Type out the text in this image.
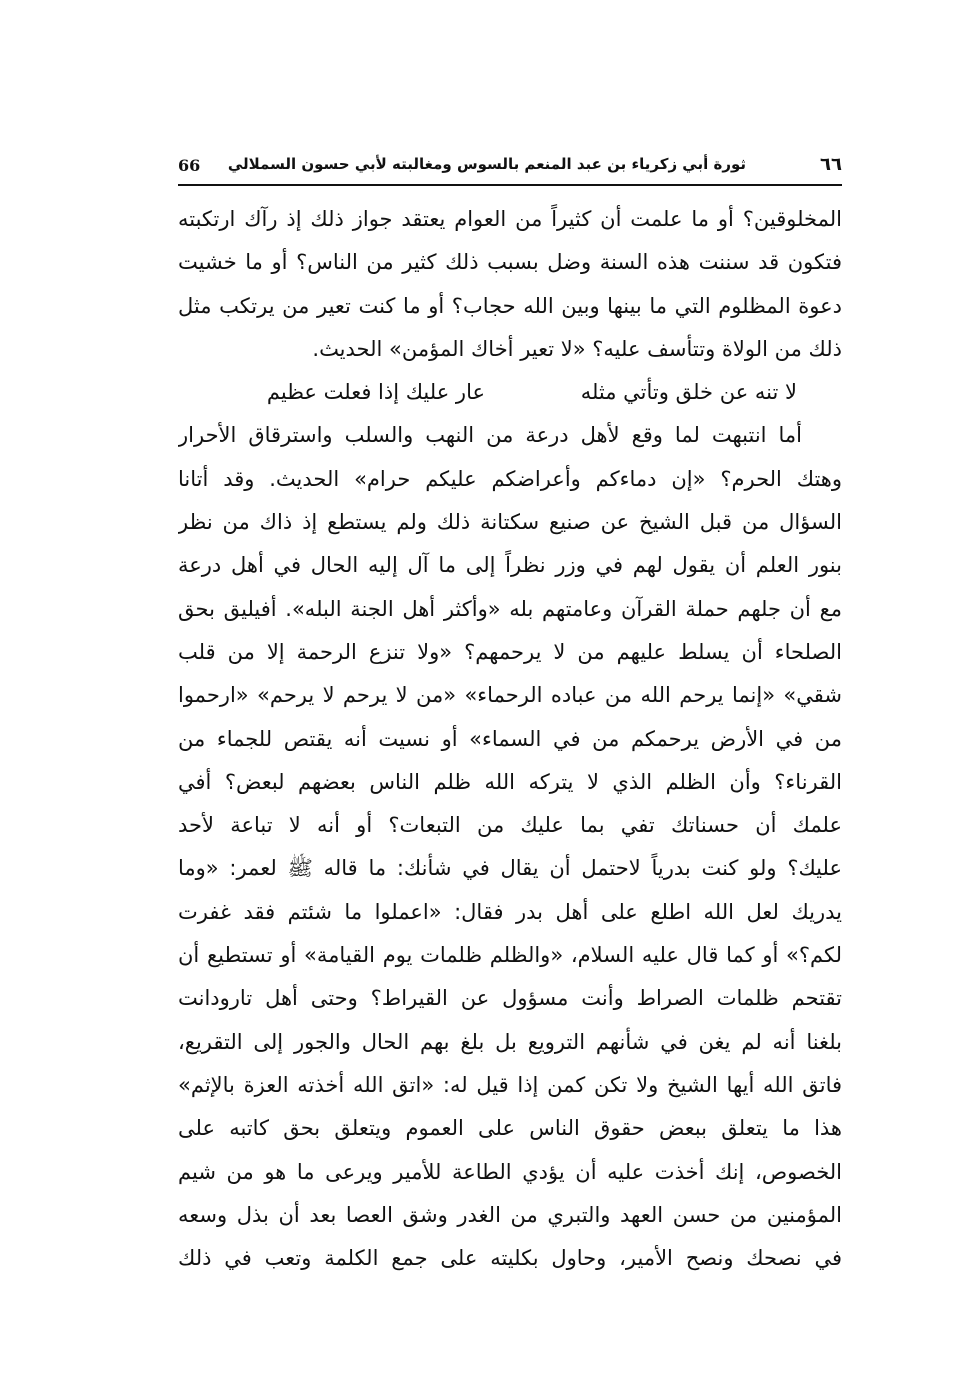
66 ثورة أبي زكرياء بن عبد المنعم بالسوس ومغالبته لأبي حسون السملالي	٦٦
المخلوقين؟ أو ما علمت أن كثيراً من العوام يعتقد جواز ذلك إذ رآك ارتكبته
فتكون قد سننت هذه السنة وضل بسبب ذلك كثير من الناس؟ أو ما خشيت
دعوة المظلوم التي ما بينها وبين الله حجاب؟ أو ما كنت تعير من يرتكب مثل
ذلك من الولاة وتتأسف عليه؟ «لا تعير أخاك المؤمن» الحديث.
لا تنه عن خلق وتأتي مثله
عار عليك إذا فعلت عظيم
أما انتبهت لما وقع لأهل درعة من النهب والسلب واسترقاق الأحرار
وهتك الحرم؟ «إن دماءكم وأعراضكم عليكم حرام» الحديث. وقد أتانا
السؤال من قبل الشيخ عن صنيع سكتانة ذلك ولم يستطع إذ ذاك من نظر
بنور العلم أن يقول لهم في وزر نظراً إلى ما آل إليه الحال في أهل درعة
مع أن جلهم حملة القرآن وعامتهم بله «وأكثر أهل الجنة البله». أفيليق بحق
الصلحاء أن يسلط عليهم من لا يرحمهم؟ «ولا تنزع الرحمة إلا من قلب
شقي» «إنما يرحم الله من عباده الرحماء» «من لا يرحم لا يرحم» «ارحموا
من في الأرض يرحمكم من في السماء» أو نسيت أنه يقتص للجماء من
القرناء؟ وأن الظلم الذي لا يتركه الله ظلم الناس بعضهم لبعض؟ أفي
علمك أن حسناتك تفي بما عليك من التبعات؟ أو أنه لا تباعة لأحد
عليك؟ ولو كنت بدرياً لاحتمل أن يقال في شأنك: ما قاله ﷺ لعمر: «وما
يدريك لعل الله اطلع على أهل بدر فقال: «اعملوا ما شئتم فقد غفرت
لكم؟» أو كما قال عليه السلام، «والظلم ظلمات يوم القيامة» أو تستطيع أن
تقتحم ظلمات الصراط وأنت مسؤول عن القيراط؟ وحتى أهل تارودانت
بلغنا أنه لم يغن في شأنهم الترويع بل بلغ بهم الحال والجور إلى التقريع،
فاتق الله أيها الشيخ ولا تكن كمن إذا قيل له: «اتق الله أخذته العزة بالإثم»
هذا ما يتعلق ببعض حقوق الناس على العموم ويتعلق بحق كاتبه على
الخصوص، إنك أخذت عليه أن يؤدي الطاعة للأمير ويرعى ما هو من شيم
المؤمنين من حسن العهد والتبري من الغدر وشق العصا بعد أن بذل وسعه
في نصحك ونصح الأمير، وحاول بكليته على جمع الكلمة وتعب في ذلك
